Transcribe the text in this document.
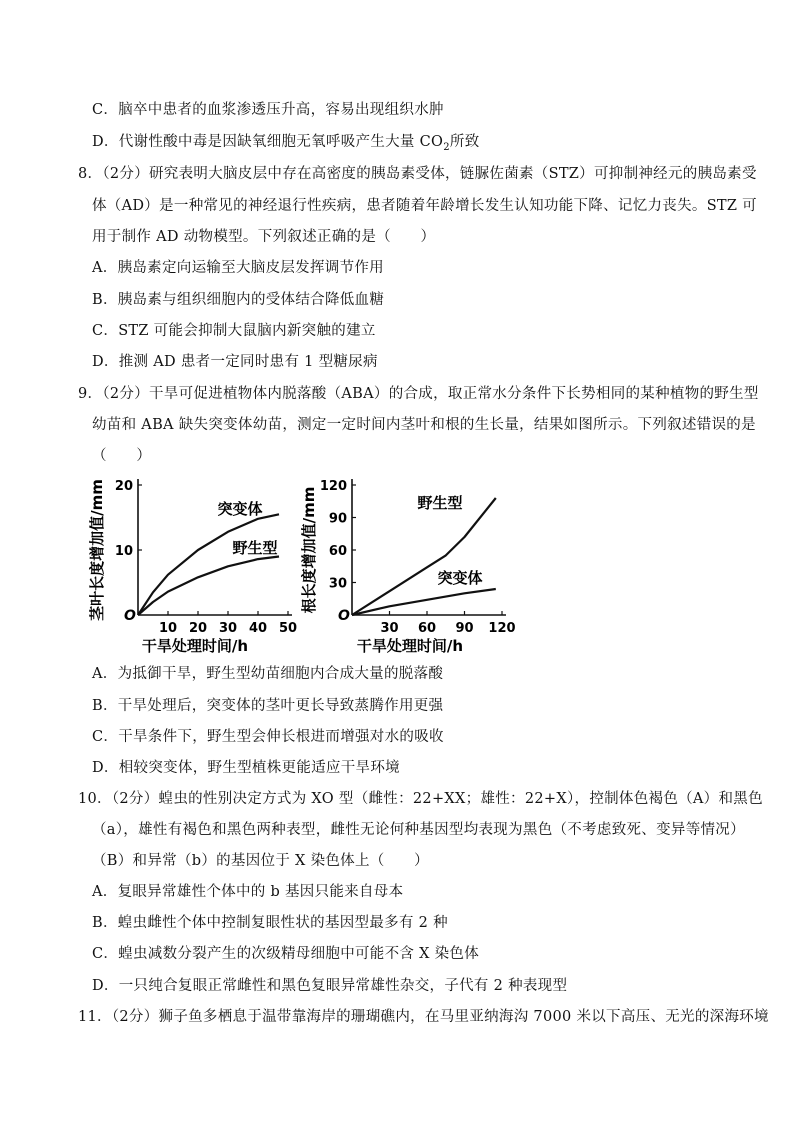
C．脑卒中患者的血浆渗透压升高，容易出现组织水肿
D．代谢性酸中毒是因缺氧细胞无氧呼吸产生大量 $CO_2$所致
8．（2分）研究表明大脑皮层中存在高密度的胰岛素受体，链脲佐菌素（STZ）可抑制神经元的胰岛素受
体（AD）是一种常见的神经退行性疾病，患者随着年龄增长发生认知功能下降、记忆力丧失。STZ 可
用于制作 AD 动物模型。下列叙述正确的是（　　）
A．胰岛素定向运输至大脑皮层发挥调节作用
B．胰岛素与组织细胞内的受体结合降低血糖
C．STZ 可能会抑制大鼠脑内新突触的建立
D．推测 AD 患者一定同时患有 1 型糖尿病
9．（2分）干旱可促进植物体内脱落酸（ABA）的合成，取正常水分条件下长势相同的某种植物的野生型
幼苗和 ABA 缺失突变体幼苗，测定一定时间内茎叶和根的生长量，结果如图所示。下列叙述错误的是
（　　）
O
10 20 30 40 50
10
20
干旱处理时间/h
茎叶长度增加值/mm	突变体
野生型
O
30 60 90 120
30
60
90
120
干旱处理时间/h
根长度增加值/mm	野生型
突变体
A．为抵御干旱，野生型幼苗细胞内合成大量的脱落酸
B．干旱处理后，突变体的茎叶更长导致蒸腾作用更强
C．干旱条件下，野生型会伸长根进而增强对水的吸收
D．相较突变体，野生型植株更能适应干旱环境
10．（2分）蝗虫的性别决定方式为 XO 型（雌性：22+XX；雄性：22+X），控制体色褐色（A）和黑色
（a），雄性有褐色和黑色两种表型，雌性无论何种基因型均表现为黑色（不考虑致死、变异等情况）
（B）和异常（b）的基因位于 X 染色体上（　　）
A．复眼异常雄性个体中的 b 基因只能来自母本
B．蝗虫雌性个体中控制复眼性状的基因型最多有 2 种
C．蝗虫减数分裂产生的次级精母细胞中可能不含 X 染色体
D．一只纯合复眼正常雌性和黑色复眼异常雄性杂交，子代有 2 种表现型
11．（2分）狮子鱼多栖息于温带靠海岸的珊瑚礁内，在马里亚纳海沟 7000 米以下高压、无光的深海环境
